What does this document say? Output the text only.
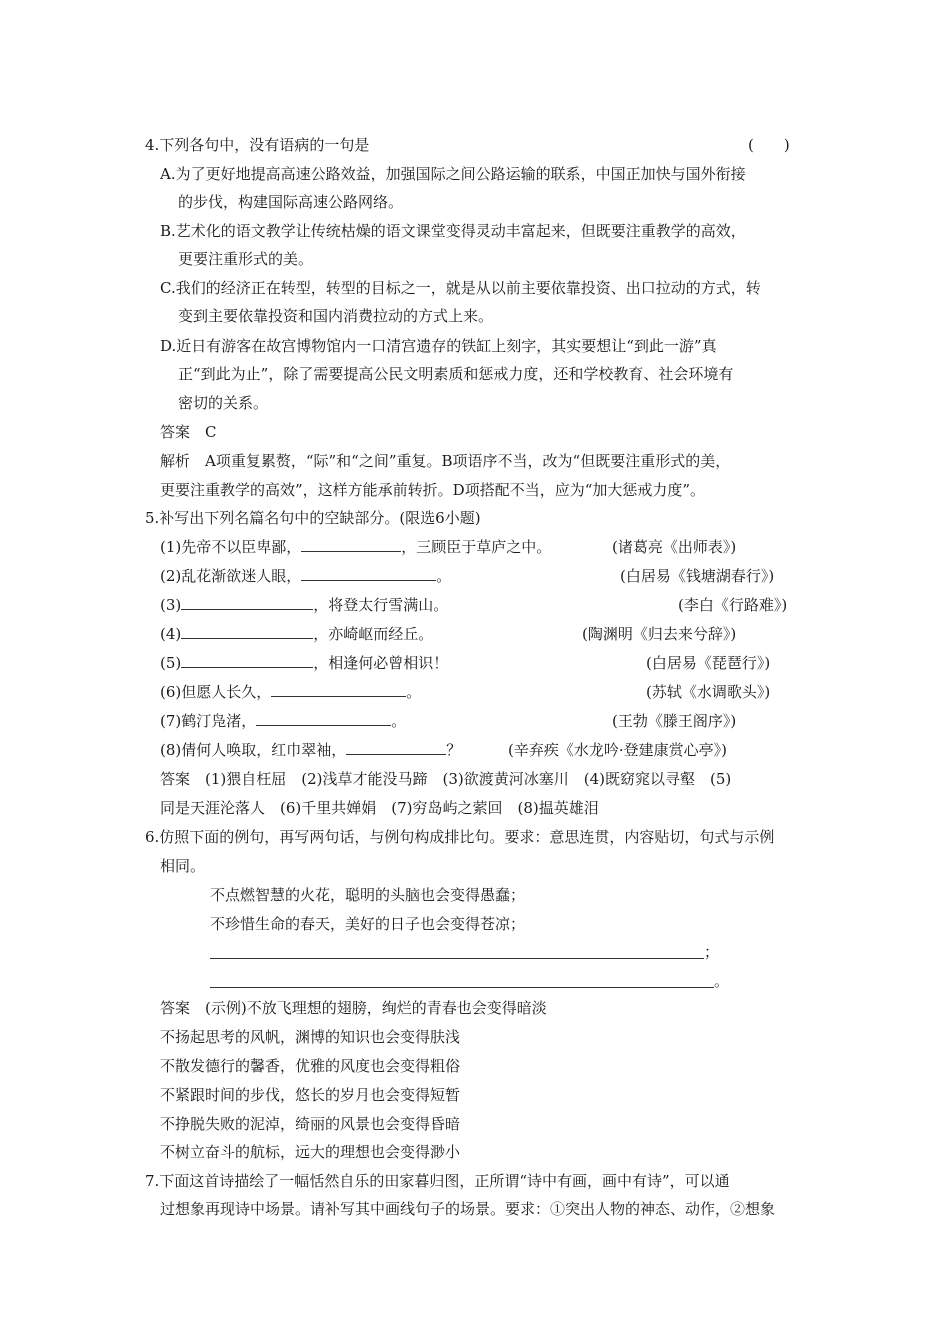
4.下列各句中，没有语病的一句是	(　　)
A.为了更好地提高高速公路效益，加强国际之间公路运输的联系，中国正加快与国外衔接
的步伐，构建国际高速公路网络。
B.艺术化的语文教学让传统枯燥的语文课堂变得灵动丰富起来，但既要注重教学的高效，
更要注重形式的美。
C.我们的经济正在转型，转型的目标之一，就是从以前主要依靠投资、出口拉动的方式，转
变到主要依靠投资和国内消费拉动的方式上来。
D.近日有游客在故宫博物馆内一口清宫遗存的铁缸上刻字，其实要想让“到此一游”真
正“到此为止”，除了需要提高公民文明素质和惩戒力度，还和学校教育、社会环境有
密切的关系。
答案　C
解析　A项重复累赘，“际”和“之间”重复。B项语序不当，改为“但既要注重形式的美，
更要注重教学的高效”，这样方能承前转折。D项搭配不当，应为“加大惩戒力度”。
5.补写出下列名篇名句中的空缺部分。(限选6小题)
(1)先帝不以臣卑鄙，	，三顾臣于草庐之中。	(诸葛亮《出师表》)
(2)乱花渐欲迷人眼，	。	(白居易《钱塘湖春行》)
(3)	，将登太行雪满山。	(李白《行路难》)
(4)	，亦崎岖而经丘。	(陶渊明《归去来兮辞》)
(5)	，相逢何必曾相识！	(白居易《琵琶行》)
(6)但愿人长久，	。	(苏轼《水调歌头》)
(7)鹤汀凫渚，	。	(王勃《滕王阁序》)
(8)倩何人唤取，红巾翠袖，	？	(辛弃疾《水龙吟·登建康赏心亭》)
答案　(1)猥自枉屈　(2)浅草才能没马蹄　(3)欲渡黄河冰塞川　(4)既窈窕以寻壑　(5)
同是天涯沦落人　(6)千里共婵娟　(7)穷岛屿之萦回　(8)揾英雄泪
6.仿照下面的例句，再写两句话，与例句构成排比句。要求：意思连贯，内容贴切，句式与示例
相同。
不点燃智慧的火花，聪明的头脑也会变得愚蠢；
不珍惜生命的春天，美好的日子也会变得苍凉；
；
。
答案　(示例)不放飞理想的翅膀，绚烂的青春也会变得暗淡
不扬起思考的风帆，渊博的知识也会变得肤浅
不散发德行的馨香，优雅的风度也会变得粗俗
不紧跟时间的步伐，悠长的岁月也会变得短暂
不挣脱失败的泥淖，绮丽的风景也会变得昏暗
不树立奋斗的航标，远大的理想也会变得渺小
7.下面这首诗描绘了一幅恬然自乐的田家暮归图，正所谓“诗中有画，画中有诗”，可以通
过想象再现诗中场景。请补写其中画线句子的场景。要求：①突出人物的神态、动作，②想象
